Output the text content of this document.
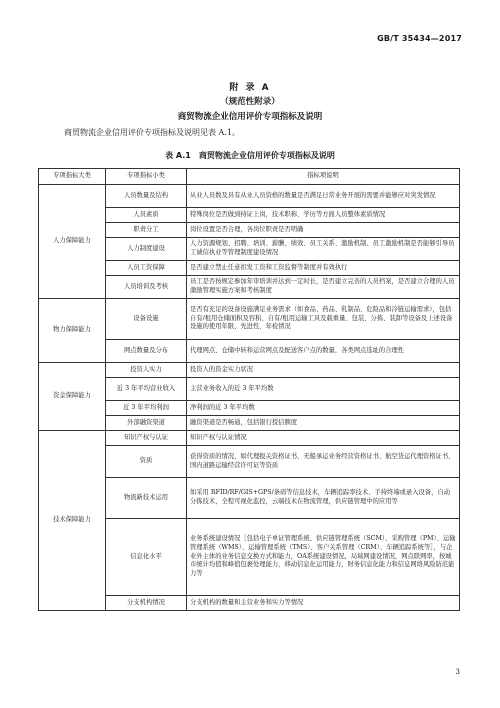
GB/T 35434—2017
附 录 A
（规范性附录）
商贸物流企业信用评价专项指标及说明
商贸物流企业信用评价专项指标及说明见表 A.1。
表 A.1　商贸物流企业信用评价专项指标及说明
专项指标大类	专项指标小类	指标项说明
人力保障能力	人员数量及结构	从业人员数及具有从业人员资格的数量是否满足日常业务开展的需要并能够应对突发情况
	人员素质	特殊岗位是否做到持证上岗，技术职称、学历等方面人员整体素质情况
	职责分工	岗位设置是否合理，各岗位职责是否明确
	人力制度建设	人力资源规划、招聘、培训、薪酬、绩效、员工关系、激励机制、员工激励机制是否能够引导员工诚信执业等管理制度建设情况
	人员工资保障	是否建立禁止任意扣发工资和工资监督等制度并有效执行
	人员培训及考核	员工是否按规定参加年审培训并达到一定时长，是否建立完善的人员档案，是否建立合理的人员激励管理实施方案和考核制度
物力保障能力	设备设施	是否有充足的设备设施满足业务需求（如食品、药品、乳制品、危险品和冷链运输需求），包括自有/租用仓储面积及容积、自有/租用运输工具及载重量、包装、分拣、装卸等设备及上述设备设施的使用年限、先进性、年检情况
	网点数量及分布	代理网点、仓储中转和运营网点及配送客户点的数量，各类网点选址的合理性
资金保障能力	投资人实力	投资人的资金实力状况
	近 3 年平均营业收入	主营业务收入的近 3 年平均数
	近 3 年平均利润	净利润的近 3 年平均数
	外部融资渠道	融资渠道是否畅通，包括银行授信额度
技术保障能力	知识产权与认证	知识产权与认证情况
	资质	获得资质的情况，如代理报关资格证书、无船承运业务经营资格证书、航空货运代理资格证书、国内道路运输经营许可证等资质
	物流新技术运用	如采用 RFID/RF/GIS+GPS/条码等信息技术，车辆追踪率技术、手持终端或录入设备，自动分拣技术，全程可视化监控，云端技术在物流管理，供应链管理中的应用等
	信息化水平	业务系统建设情况［包括电子单证管理系统、供应链管理系统（SCM）、采购管理（PM）、运输管理系统（WMS）、运输管理系统（TMS）、客户关系管理（CRM）、车辆追踪系统等］，与企业外主体的业务信息交换方式和能力，OA系统建设情况，局域网建设情况，网点联网率，按城市统计均值和峰值包裹处理能力，移动信息化运用能力，财务信息化能力和信息网络风险防范能力等
	分支机构情况	分支机构的数量和主营业务和实力等情况
3
